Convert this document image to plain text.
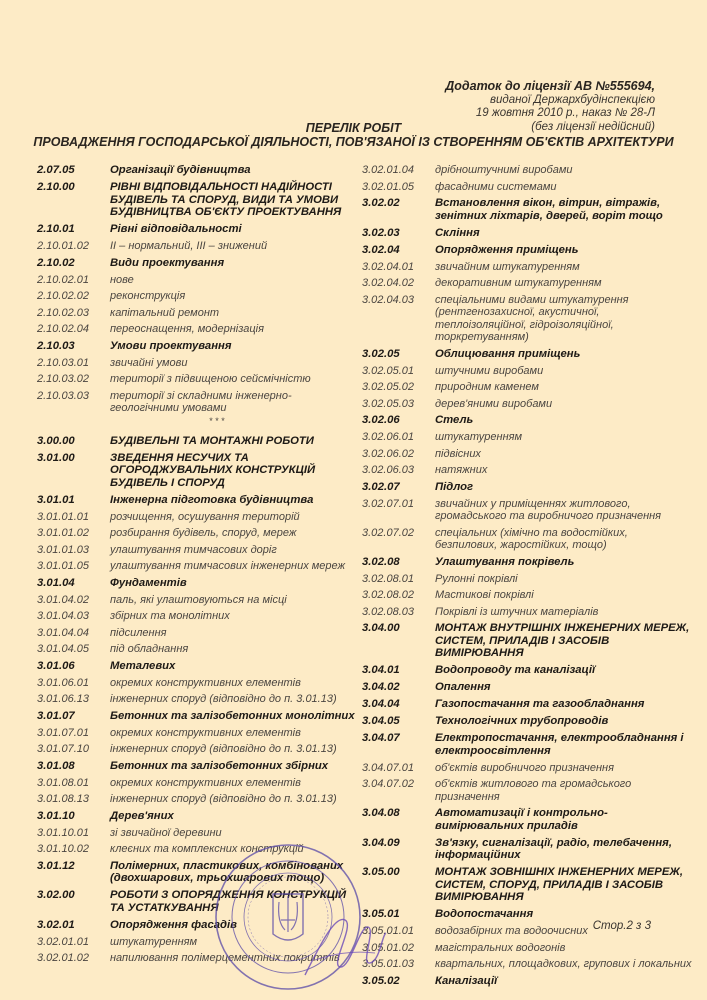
Додаток до ліцензії АВ №555694,
виданої Держархбудінспекцією
19 жовтня 2010 р., наказ № 28-Л
(без ліцензії недійсний)
ПЕРЕЛІК РОБІТ
ПРОВАДЖЕННЯ ГОСПОДАРСЬКОЇ ДІЯЛЬНОСТІ, ПОВ'ЯЗАНОЇ ІЗ СТВОРЕННЯМ ОБ'ЄКТІВ АРХІТЕКТУРИ
2.07.05	Організації будівництва
2.10.00	РІВНІ ВІДПОВІДАЛЬНОСТІ НАДІЙНОСТІ БУДІВЕЛЬ ТА СПОРУД, ВИДИ ТА УМОВИ БУДІВНИЦТВА ОБ'ЄКТУ ПРОЕКТУВАННЯ
2.10.01	Рівні відповідальності
2.10.01.02	ІІ – нормальний, ІІІ – знижений
2.10.02	Види проектування
2.10.02.01	нове
2.10.02.02	реконструкція
2.10.02.03	капітальний ремонт
2.10.02.04	переоснащення, модернізація
2.10.03	Умови проектування
2.10.03.01	звичайні умови
2.10.03.02	території з підвищеною сейсмічністю
2.10.03.03	території зі складними інженерно-геологічними умовами
* * *
3.00.00	БУДІВЕЛЬНІ ТА МОНТАЖНІ РОБОТИ
3.01.00	ЗВЕДЕННЯ НЕСУЧИХ ТА ОГОРОДЖУВАЛЬНИХ КОНСТРУКЦІЙ БУДІВЕЛЬ І СПОРУД
3.01.01	Інженерна підготовка будівництва
3.01.01.01	розчищення, осушування територій
3.01.01.02	розбирання будівель, споруд, мереж
3.01.01.03	улаштування тимчасових доріг
3.01.01.05	улаштування тимчасових інженерних мереж
3.01.04	Фундаментів
3.01.04.02	паль, які улаштовуються на місці
3.01.04.03	збірних та монолітних
3.01.04.04	підсилення
3.01.04.05	під обладнання
3.01.06	Металевих
3.01.06.01	окремих конструктивних елементів
3.01.06.13	інженерних споруд (відповідно до п. 3.01.13)
3.01.07	Бетонних та залізобетонних монолітних
3.01.07.01	окремих конструктивних елементів
3.01.07.10	інженерних споруд (відповідно до п. 3.01.13)
3.01.08	Бетонних та залізобетонних збірних
3.01.08.01	окремих конструктивних елементів
3.01.08.13	інженерних споруд (відповідно до п. 3.01.13)
3.01.10	Дерев'яних
3.01.10.01	зі звичайної деревини
3.01.10.02	клеєних та комплексних конструкцій
3.01.12	Полімерних, пластикових, комбінованих (двохшарових, трьохшарових тощо)
3.02.00	РОБОТИ З ОПОРЯДЖЕННЯ КОНСТРУКЦІЙ ТА УСТАТКУВАННЯ
3.02.01	Опорядження фасадів
3.02.01.01	штукатуренням
3.02.01.02	напилювання полімерцементних покриттів
3.02.01.04	дрібноштучнимі виробами
3.02.01.05	фасадними системами
3.02.02	Встановлення вікон, вітрин, вітражів, зенітних ліхтарів, дверей, воріт тощо
3.02.03	Скління
3.02.04	Опорядження приміщень
3.02.04.01	звичайним штукатуренням
3.02.04.02	декоративним штукатуренням
3.02.04.03	спеціальними видами штукатурення (рентгенозахисної, акустичної, теплоізоляційної, гідроізоляційної, торкретуванням)
3.02.05	Облицювання приміщень
3.02.05.01	штучними виробами
3.02.05.02	природним каменем
3.02.05.03	дерев'яними виробами
3.02.06	Стель
3.02.06.01	штукатуренням
3.02.06.02	підвісних
3.02.06.03	натяжних
3.02.07	Підлог
3.02.07.01	звичайних у приміщеннях житлового, громадського та виробничого призначення
3.02.07.02	спеціальних (хімічно та водостійких, безпилових, жаростійких, тощо)
3.02.08	Улаштування покрівель
3.02.08.01	Рулонні покрівлі
3.02.08.02	Мастикові покрівлі
3.02.08.03	Покрівлі із штучних матеріалів
3.04.00	МОНТАЖ ВНУТРІШНІХ ІНЖЕНЕРНИХ МЕРЕЖ, СИСТЕМ, ПРИЛАДІВ І ЗАСОБІВ ВИМІРЮВАННЯ
3.04.01	Водопроводу та каналізації
3.04.02	Опалення
3.04.04	Газопостачання та газообладнання
3.04.05	Технологічних трубопроводів
3.04.07	Електропостачання, електрообладнання і електроосвітлення
3.04.07.01	об'єктів виробничого призначення
3.04.07.02	об'єктів житлового та громадського призначення
3.04.08	Автоматизації і контрольно-вимірювальних приладів
3.04.09	Зв'язку, сигналізації, радіо, телебачення, інформаційних
3.05.00	МОНТАЖ ЗОВНІШНІХ ІНЖЕНЕРНИХ МЕРЕЖ, СИСТЕМ, СПОРУД, ПРИЛАДІВ І ЗАСОБІВ ВИМІРЮВАННЯ
3.05.01	Водопостачання
3.05.01.01	водозабірних та водоочисних
3.05.01.02	магістральних водогонів
3.05.01.03	квартальних, площадкових, групових і локальних
3.05.02	Каналізації
Стор.2 з 3
